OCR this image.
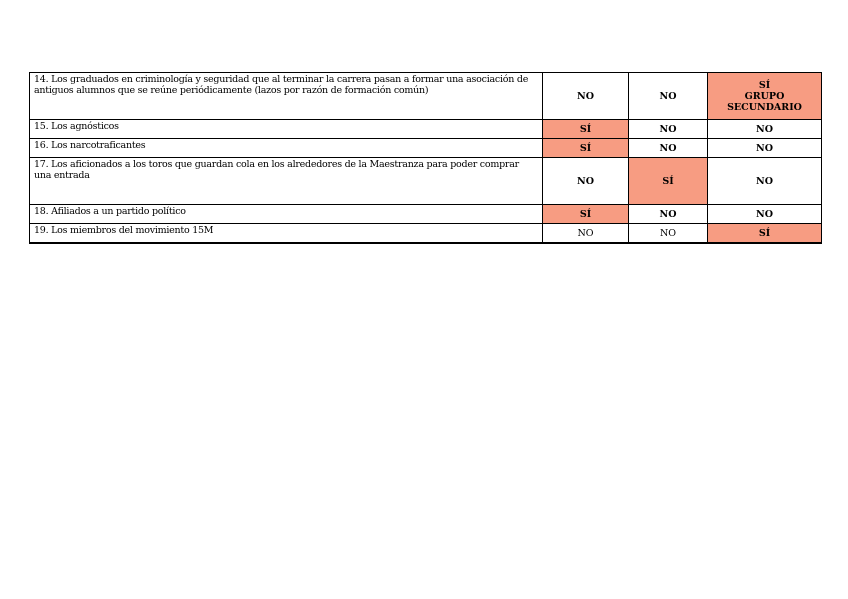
14. Los graduados en criminología y seguridad que al terminar la carrera pasan a formar una asociación de antiguos alumnos que se reúne periódicamente (lazos por razón de formación común)	NO	NO	SÍ
GRUPO
SECUNDARIO
15. Los agnósticos	SÍ	NO	NO
16. Los narcotraficantes	SÍ	NO	NO
17. Los aficionados a los toros que guardan cola en los alrededores de la Maestranza para poder comprar una entrada	NO	SÍ	NO
18. Afiliados a un partido político	SÍ	NO	NO
19. Los miembros del movimiento 15M	NO	NO	SÍ
